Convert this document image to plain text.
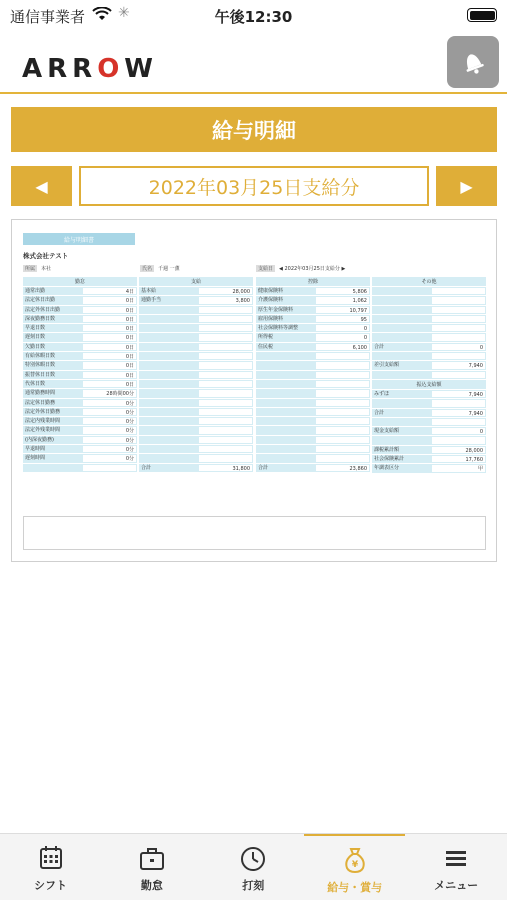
通信事業者 ✳	午後12:30
ARROW
給与明細
◀	2022年03月25日支給分	▶
給与明細書
株式会社テスト
所属	本社	氏名	千週 一薫	支給日	◀ 2022年03月25日支給分 ▶
勤怠
通常出勤	4日
法定休日出勤	0日
法定外休日出勤	0日
深夜勤務日数	0日
早退日数	0日
遅刻日数	0日
欠勤日数	0日
有給休暇日数	0日
特別休暇日数	0日
振替休日日数	0日
代休日数	0日
通常勤務時間	28時間00分
法定休日勤務	0分
法定外休日勤務	0分
法定内残業時間	0分
法定外残業時間	0分
(内深夜勤務)	0分
早退時間	0分
遅刻時間	0分
支給
基本給	28,000
通勤手当	3,800
合計	31,800
控除
健康保険料	5,806
介護保険料	1,062
厚生年金保険料	10,797
雇用保険料	95
社会保険料等調整	0
所得税	0
住民税	6,100
合計	23,860
その他
合計	0
差引支給額	7,940
振込支給額
みずほ	7,940
合計	7,940
現金支給額	0
課税累計額	28,000
社会保険累計	17,760
年調表区分	甲
シフト	勤怠	打刻
¥
給与・賞与	メニュー
